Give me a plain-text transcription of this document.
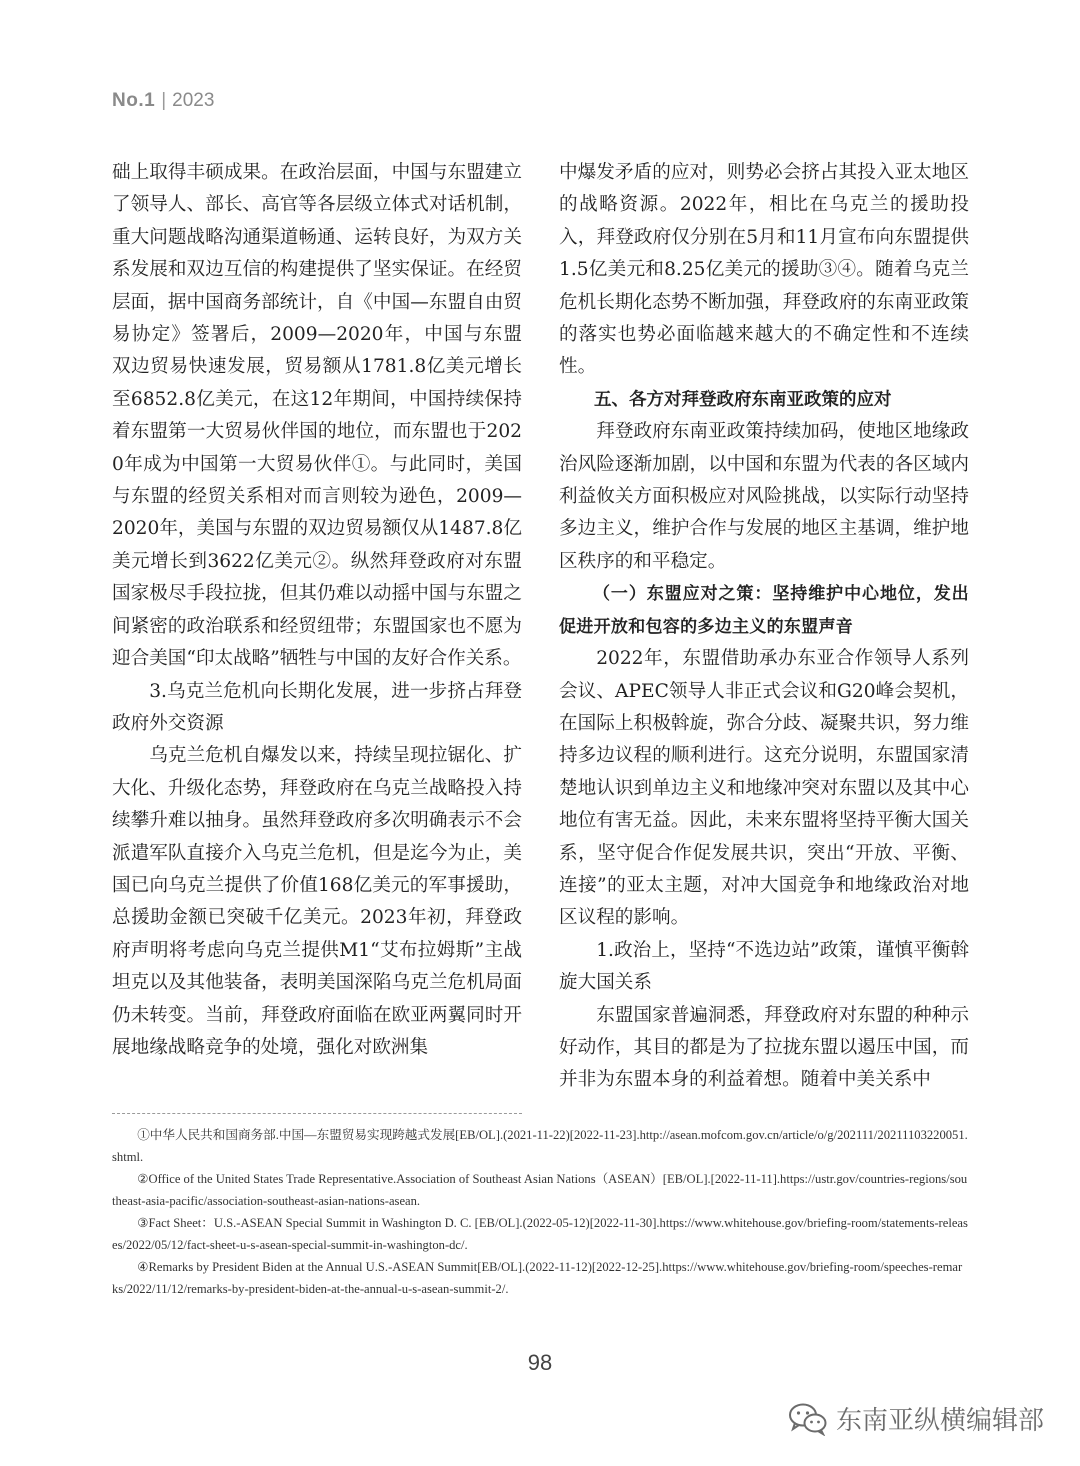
No.1 | 2023

础上取得丰硕成果。在政治层面，中国与东盟建立了领导人、部长、高官等各层级立体式对话机制，重大问题战略沟通渠道畅通、运转良好，为双方关系发展和双边互信的构建提供了坚实保证。在经贸层面，据中国商务部统计，自《中国—东盟自由贸易协定》签署后，2009—2020年，中国与东盟双边贸易快速发展，贸易额从1781.8亿美元增长至6852.8亿美元，在这12年期间，中国持续保持着东盟第一大贸易伙伴国的地位，而东盟也于2020年成为中国第一大贸易伙伴①。与此同时，美国与东盟的经贸关系相对而言则较为逊色，2009—2020年，美国与东盟的双边贸易额仅从1487.8亿美元增长到3622亿美元②。纵然拜登政府对东盟国家极尽手段拉拢，但其仍难以动摇中国与东盟之间紧密的政治联系和经贸纽带；东盟国家也不愿为迎合美国“印太战略”牺牲与中国的友好合作关系。

3.乌克兰危机向长期化发展，进一步挤占拜登政府外交资源

乌克兰危机自爆发以来，持续呈现拉锯化、扩大化、升级化态势，拜登政府在乌克兰战略投入持续攀升难以抽身。虽然拜登政府多次明确表示不会派遣军队直接介入乌克兰危机，但是迄今为止，美国已向乌克兰提供了价值168亿美元的军事援助，总援助金额已突破千亿美元。2023年初，拜登政府声明将考虑向乌克兰提供M1“艾布拉姆斯”主战坦克以及其他装备，表明美国深陷乌克兰危机局面仍未转变。当前，拜登政府面临在欧亚两翼同时开展地缘战略竞争的处境，强化对欧洲集

中爆发矛盾的应对，则势必会挤占其投入亚太地区的战略资源。2022年，相比在乌克兰的援助投入，拜登政府仅分别在5月和11月宣布向东盟提供1.5亿美元和8.25亿美元的援助③④。随着乌克兰危机长期化态势不断加强，拜登政府的东南亚政策的落实也势必面临越来越大的不确定性和不连续性。

五、各方对拜登政府东南亚政策的应对

拜登政府东南亚政策持续加码，使地区地缘政治风险逐渐加剧，以中国和东盟为代表的各区域内利益攸关方面积极应对风险挑战，以实际行动坚持多边主义，维护合作与发展的地区主基调，维护地区秩序的和平稳定。

（一）东盟应对之策：坚持维护中心地位，发出促进开放和包容的多边主义的东盟声音

2022年，东盟借助承办东亚合作领导人系列会议、APEC领导人非正式会议和G20峰会契机，在国际上积极斡旋，弥合分歧、凝聚共识，努力维持多边议程的顺利进行。这充分说明，东盟国家清楚地认识到单边主义和地缘冲突对东盟以及其中心地位有害无益。因此，未来东盟将坚持平衡大国关系，坚守促合作促发展共识，突出“开放、平衡、连接”的亚太主题，对冲大国竞争和地缘政治对地区议程的影响。

1.政治上，坚持“不选边站”政策，谨慎平衡斡旋大国关系

东盟国家普遍洞悉，拜登政府对东盟的种种示好动作，其目的都是为了拉拢东盟以遏压中国，而并非为东盟本身的利益着想。随着中美关系中

①中华人民共和国商务部.中国—东盟贸易实现跨越式发展[EB/OL].(2021-11-22)[2022-11-23].http://asean.mofcom.gov.cn/article/o/g/202111/20211103220051.shtml.

②Office of the United States Trade Representative.Association of Southeast Asian Nations（ASEAN）[EB/OL].[2022-11-11].https://ustr.gov/countries-regions/southeast-asia-pacific/association-southeast-asian-nations-asean.

③Fact Sheet：U.S.-ASEAN Special Summit in Washington D. C. [EB/OL].(2022-05-12)[2022-11-30].https://www.whitehouse.gov/briefing-room/statements-releases/2022/05/12/fact-sheet-u-s-asean-special-summit-in-washington-dc/.

④Remarks by President Biden at the Annual U.S.-ASEAN Summit[EB/OL].(2022-11-12)[2022-12-25].https://www.whitehouse.gov/briefing-room/speeches-remarks/2022/11/12/remarks-by-president-biden-at-the-annual-u-s-asean-summit-2/.

98
东南亚纵横编辑部
